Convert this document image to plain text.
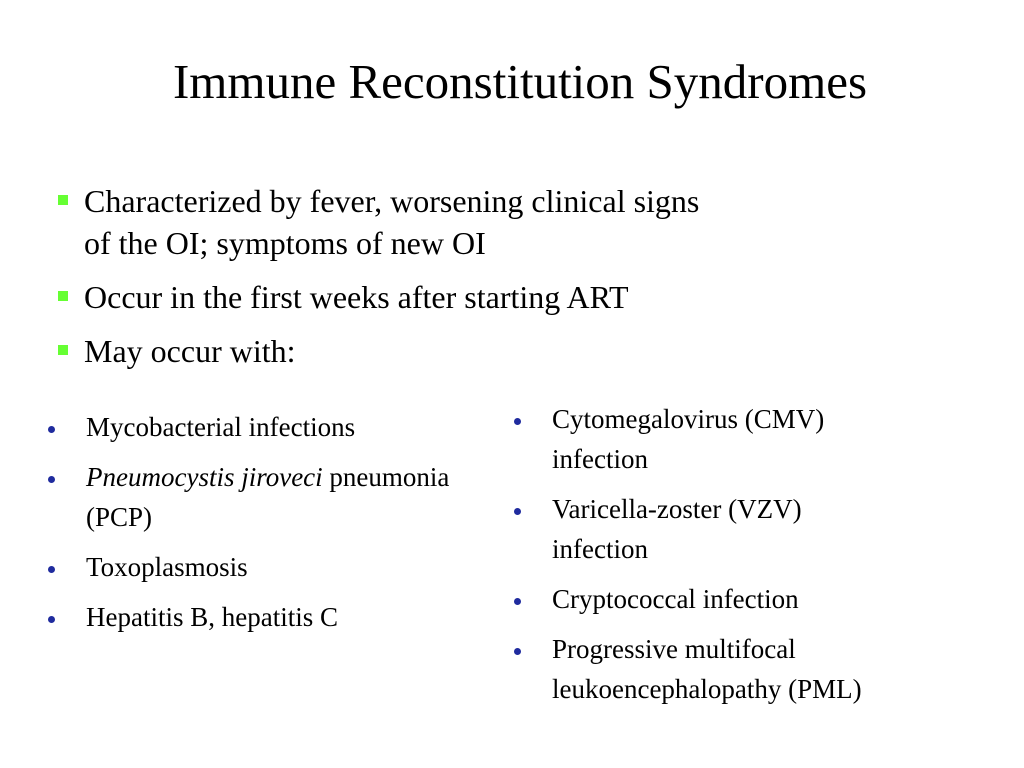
Immune Reconstitution Syndromes
Characterized by fever, worsening clinical signs
of the OI; symptoms of new OI
Occur in the first weeks after starting ART
May occur with:
Mycobacterial infections
Pneumocystis jiroveci pneumonia
(PCP)
Toxoplasmosis
Hepatitis B, hepatitis C
Cytomegalovirus (CMV)
infection
Varicella-zoster (VZV)
infection
Cryptococcal infection
Progressive multifocal
leukoencephalopathy (PML)
